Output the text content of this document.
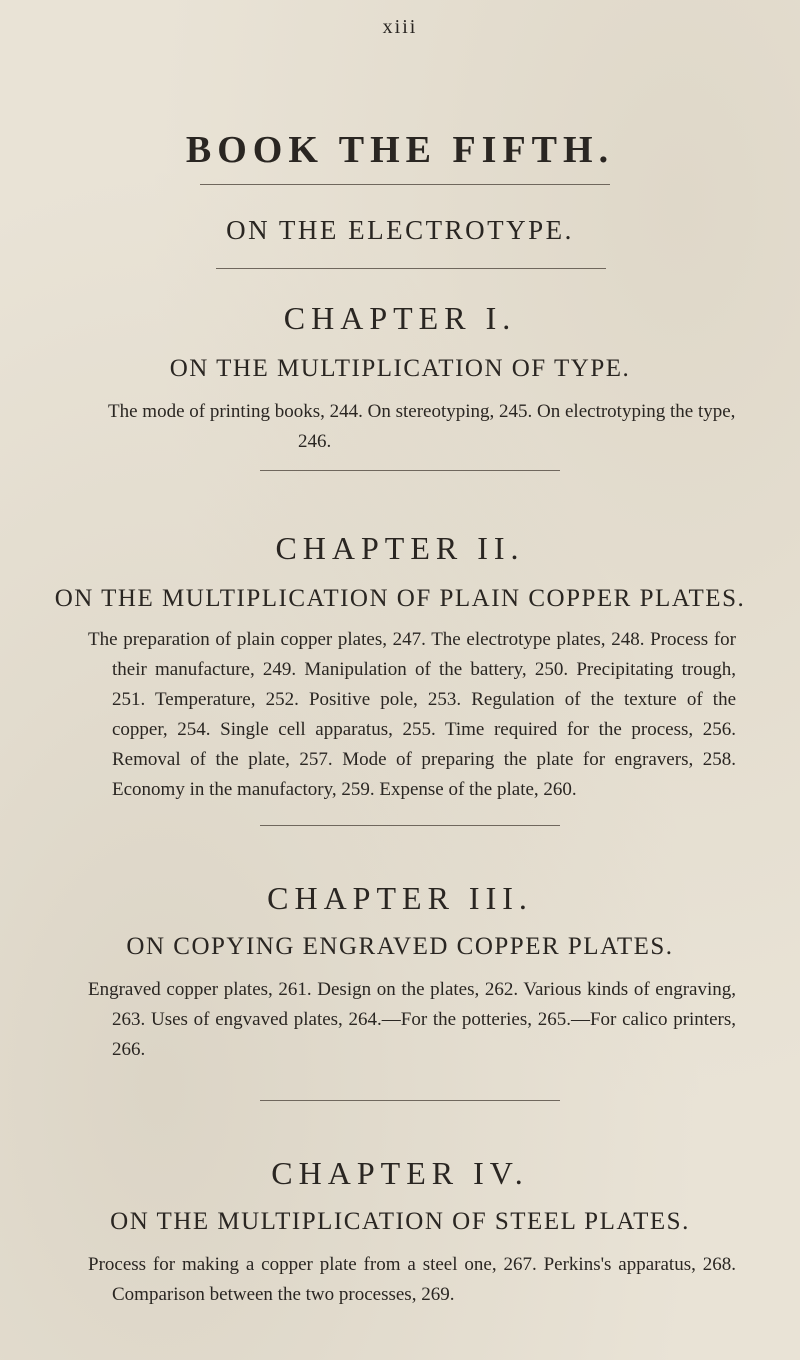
xiii
BOOK THE FIFTH.
ON THE ELECTROTYPE.
CHAPTER I.
ON THE MULTIPLICATION OF TYPE.
The mode of printing books, 244. On stereotyping, 245. On electrotyping the type, 246.
CHAPTER II.
ON THE MULTIPLICATION OF PLAIN COPPER PLATES.
The preparation of plain copper plates, 247. The electrotype plates, 248. Process for their manufacture, 249. Manipulation of the battery, 250. Precipitating trough, 251. Temperature, 252. Positive pole, 253. Regulation of the texture of the copper, 254. Single cell apparatus, 255. Time required for the process, 256. Removal of the plate, 257. Mode of preparing the plate for engravers, 258. Economy in the manufactory, 259. Expense of the plate, 260.
CHAPTER III.
ON COPYING ENGRAVED COPPER PLATES.
Engraved copper plates, 261. Design on the plates, 262. Various kinds of engraving, 263. Uses of engvaved plates, 264.—For the potteries, 265.—For calico printers, 266.
CHAPTER IV.
ON THE MULTIPLICATION OF STEEL PLATES.
Process for making a copper plate from a steel one, 267. Perkins's apparatus, 268. Comparison between the two processes, 269.
